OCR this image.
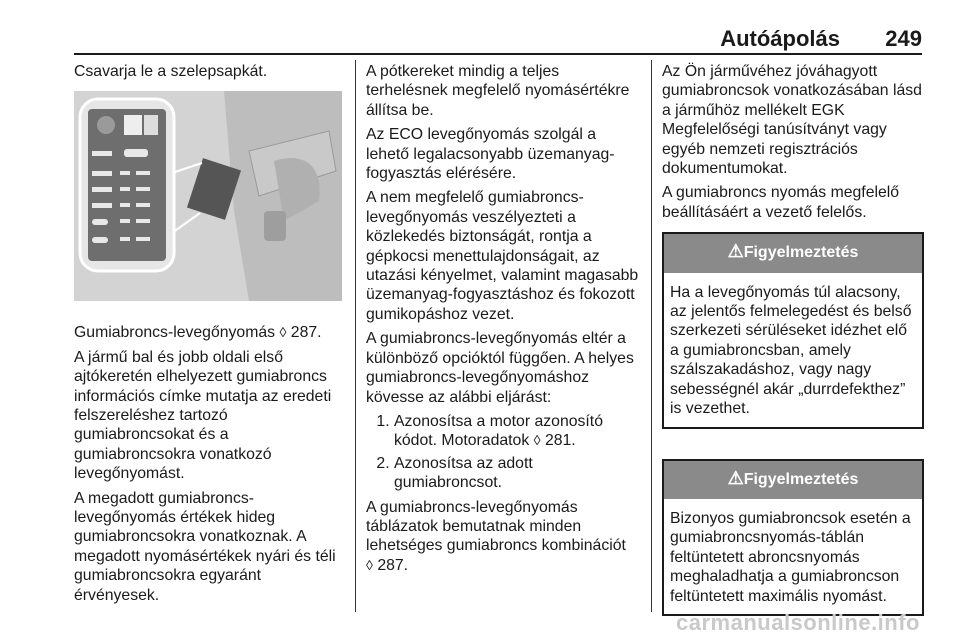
Autóápolás 249

Csavarja le a szelepsapkát.

Gumiabroncs-levegőnyomás ◊ 287.

A jármű bal és jobb oldali első ajtókeretén elhelyezett gumiabroncs információs címke mutatja az eredeti felszereléshez tartozó gumiabroncsokat és a gumiabroncsokra vonatkozó levegőnyomást.

A megadott gumiabroncs-levegőnyomás értékek hideg gumiabroncsokra vonatkoznak. A megadott nyomásértékek nyári és téli gumiabroncsokra egyaránt érvényesek.

A pótkereket mindig a teljes terhelésnek megfelelő nyomásértékre állítsa be.

Az ECO levegőnyomás szolgál a lehető legalacsonyabb üzemanyag-fogyasztás elérésére.

A nem megfelelő gumiabroncs-levegőnyomás veszélyezteti a közlekedés biztonságát, rontja a gépkocsi menettulajdonságait, az utazási kényelmet, valamint magasabb üzemanyag-fogyasztáshoz és fokozott gumikopáshoz vezet.

A gumiabroncs-levegőnyomás eltér a különböző opcióktól függően. A helyes gumiabroncs-levegőnyomáshoz kövesse az alábbi eljárást:

1. Azonosítsa a motor azonosító kódot. Motoradatok ◊ 281.
2. Azonosítsa az adott gumiabroncsot.

A gumiabroncs-levegőnyomás táblázatok bemutatnak minden lehetséges gumiabroncs kombinációt
◊ 287.

Az Ön járművéhez jóváhagyott gumiabroncsok vonatkozásában lásd a járműhöz mellékelt EGK Megfelelőségi tanúsítványt vagy egyéb nemzeti regisztrációs dokumentumokat.

A gumiabroncs nyomás megfelelő beállításáért a vezető felelős.

⚠Figyelmeztetés
Ha a levegőnyomás túl alacsony, az jelentős felmelegedést és belső szerkezeti sérüléseket idézhet elő a gumiabroncsban, amely szálszakadáshoz, vagy nagy sebességnél akár „durrdefekthez” is vezethet.
⚠Figyelmeztetés
Bizonyos gumiabroncsok esetén a gumiabroncsnyomás-táblán feltüntetett abroncsnyomás meghaladhatja a gumiabroncson feltüntetett maximális nyomást.
carmanualsonline.info
